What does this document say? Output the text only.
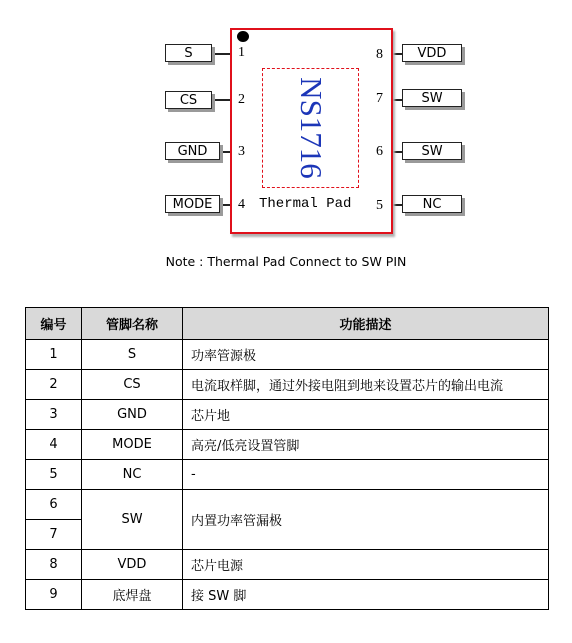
S
CS
GND
MODE
VDD
SW
SW
NC
NS1716
1
2
3
4
8
7
6
5
Thermal Pad
Note : Thermal Pad Connect to SW PIN
编号	管脚名称	功能描述
1	S	功率管源极
2	CS	电流取样脚，通过外接电阻到地来设置芯片的输出电流
3	GND	芯片地
4	MODE	高亮/低亮设置管脚
5	NC	-
6	SW	内置功率管漏极
7		
8	VDD	芯片电源
9	底焊盘	接 SW 脚
